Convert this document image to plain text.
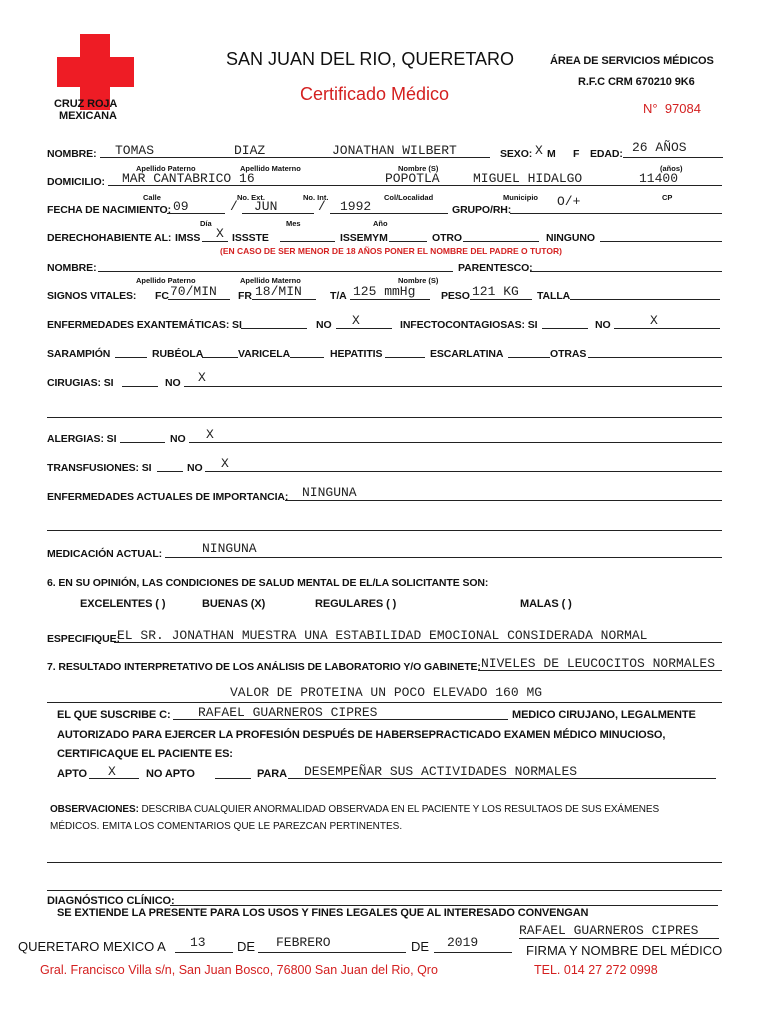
CRUZ ROJA
MEXICANA
SAN JUAN DEL RIO, QUERETARO
Certificado Médico
ÁREA DE SERVICIOS MÉDICOS
R.F.C CRM 670210 9K6
N° 97084
NOMBRE: TOMAS	DIAZ	JONATHAN WILBERT	SEXO: X M F EDAD: 26 AÑOS
Apellido Paterno	Apellido Materno	Nombre (S)	(años)
DOMICILIO: MAR CANTABRICO 16	POPOTLA	MIGUEL HIDALGO	11400
Calle	No. Ext.	No. Int.	Col/Localidad	Municipio	CP
FECHA DE NACIMIENTO: 09	/ JUN	/ 1992	GRUPO/RH:
O/+
Día	Mes	Año
DERECHOHABIENTE AL: IMSS X ISSSTE	ISSEMYM	OTRO	NINGUNO
(EN CASO DE SER MENOR DE 18 AÑOS PONER EL NOMBRE DEL PADRE O TUTOR)
NOMBRE:	PARENTESCO:
Apellido Paterno	Apellido Materno	Nombre (S)
SIGNOS VITALES: FC 70/MIN FR 18/MIN	T/A 125 mmHg PESO 121 KG TALLA
ENFERMEDADES EXANTEMÁTICAS: SI	NO X	INFECTOCONTAGIOSAS: SI	NO	X
SARAMPIÓN	RUBÉOLA	VARICELA	HEPATITIS	ESCARLATINA	OTRAS
CIRUGIAS: SI	NO X
ALERGIAS: SI	NO X
TRANSFUSIONES: SI	NO X
ENFERMEDADES ACTUALES DE IMPORTANCIA: NINGUNA
MEDICACIÓN ACTUAL:	NINGUNA
6. EN SU OPINIÓN, LAS CONDICIONES DE SALUD MENTAL DE EL/LA SOLICITANTE SON:
EXCELENTES ( )	BUENAS (X)	REGULARES ( )	MALAS ( )
ESPECIFIQUE:
EL SR. JONATHAN MUESTRA UNA ESTABILIDAD EMOCIONAL CONSIDERADA NORMAL
7. RESULTADO INTERPRETATIVO DE LOS ANÁLISIS DE LABORATORIO Y/O GABINETE: NIVELES DE LEUCOCITOS NORMALES
VALOR DE PROTEINA UN POCO ELEVADO 160 MG
EL QUE SUSCRIBE C: RAFAEL GUARNEROS CIPRES	MEDICO CIRUJANO, LEGALMENTE
AUTORIZADO PARA EJERCER LA PROFESIÓN DESPUÉS DE HABERSEPRACTICADO EXAMEN MÉDICO MINUCIOSO,
CERTIFICAQUE EL PACIENTE ES:
APTO X	NO APTO	PARA DESEMPEÑAR SUS ACTIVIDADES NORMALES
OBSERVACIONES: DESCRIBA CUALQUIER ANORMALIDAD OBSERVADA EN EL PACIENTE Y LOS RESULTAOS DE SUS EXÁMENES
MÉDICOS. EMITA LOS COMENTARIOS QUE LE PAREZCAN PERTINENTES.
DIAGNÓSTICO CLÍNICO:
SE EXTIENDE LA PRESENTE PARA LOS USOS Y FINES LEGALES QUE AL INTERESADO CONVENGAN
QUERETARO MEXICO A 13 DE FEBRERO	DE 2019
RAFAEL GUARNEROS CIPRES
FIRMA Y NOMBRE DEL MÉDICO
Gral. Francisco Villa s/n, San Juan Bosco, 76800 San Juan del Rio, Qro	TEL. 014 27 272 0998
